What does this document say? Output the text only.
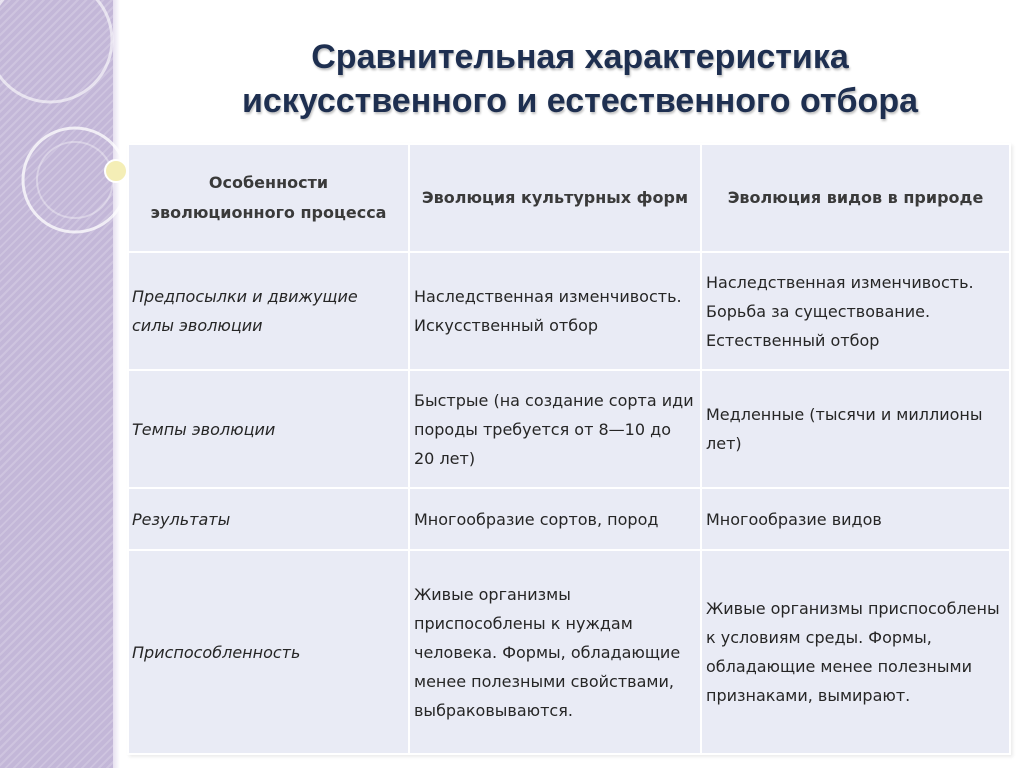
Сравнительная характеристика
искусственного и естественного отбора
Особенности эволюционного процесса	Эволюция культурных форм	Эволюция видов в природе
Предпосылки и движущие силы эволюции	Наследственная изменчивость. Искусственный отбор	Наследственная изменчивость. Борьба за существование. Естественный отбор
Темпы эволюции	Быстрые (на создание сорта иди породы требуется от 8—10 до 20 лет)	Медленные (тысячи и миллионы лет)
Результаты	Многообразие сортов, пород	Многообразие видов
Приспособленность	Живые организмы приспособлены к нуждам человека. Формы, обладающие менее полезными свойствами, выбраковываются.	Живые организмы приспособлены к условиям среды. Формы, обладающие менее полезными признаками, вымирают.
